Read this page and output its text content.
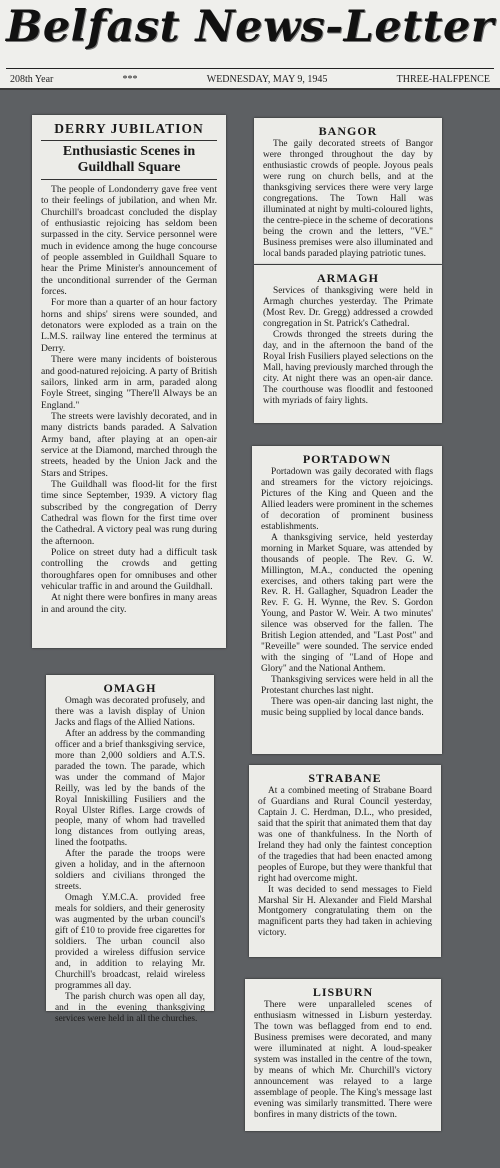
Belfast News-Letter
208th Year	***	WEDNESDAY, MAY 9, 1945	THREE-HALFPENCE
DERRY JUBILATION
Enthusiastic Scenes in Guildhall Square

The people of Londonderry gave free vent to their feelings of jubilation, and when Mr. Churchill's broadcast concluded the display of enthusiastic rejoicing has seldom been surpassed in the city. Service personnel were much in evidence among the huge concourse of people assembled in Guildhall Square to hear the Prime Minister's announcement of the unconditional surrender of the German forces.

For more than a quarter of an hour factory horns and ships' sirens were sounded, and detonators were exploded as a train on the L.M.S. railway line entered the terminus at Derry.

There were many incidents of boisterous and good-natured rejoicing. A party of British sailors, linked arm in arm, paraded along Foyle Street, singing "There'll Always be an England."

The streets were lavishly decorated, and in many districts bands paraded. A Salvation Army band, after playing at an open-air service at the Diamond, marched through the streets, headed by the Union Jack and the Stars and Stripes.

The Guildhall was flood-lit for the first time since September, 1939. A victory flag subscribed by the congregation of Derry Cathedral was flown for the first time over the Cathedral. A victory peal was rung during the afternoon.

Police on street duty had a difficult task controlling the crowds and getting thoroughfares open for omnibuses and other vehicular traffic in and around the Guildhall.

At night there were bonfires in many areas in and around the city.

OMAGH

Omagh was decorated profusely, and there was a lavish display of Union Jacks and flags of the Allied Nations.

After an address by the commanding officer and a brief thanksgiving service, more than 2,000 soldiers and A.T.S. paraded the town. The parade, which was under the command of Major Reilly, was led by the bands of the Royal Inniskilling Fusiliers and the Royal Ulster Rifles. Large crowds of people, many of whom had travelled long distances from outlying areas, lined the footpaths.

After the parade the troops were given a holiday, and in the afternoon soldiers and civilians thronged the streets.

Omagh Y.M.C.A. provided free meals for soldiers, and their generosity was augmented by the urban council's gift of £10 to provide free cigarettes for soldiers. The urban council also provided a wireless diffusion service and, in addition to relaying Mr. Churchill's broadcast, relaid wireless programmes all day.

The parish church was open all day, and in the evening thanksgiving services were held in all the churches.

BANGOR

The gaily decorated streets of Bangor were thronged throughout the day by enthusiastic crowds of people. Joyous peals were rung on church bells, and at the thanksgiving services there were very large congregations. The Town Hall was illuminated at night by multi-coloured lights, the centre-piece in the scheme of decorations being the crown and the letters, "VE." Business premises were also illuminated and local bands paraded playing patriotic tunes.

ARMAGH

Services of thanksgiving were held in Armagh churches yesterday. The Primate (Most Rev. Dr. Gregg) addressed a crowded congregation in St. Patrick's Cathedral.

Crowds thronged the streets during the day, and in the afternoon the band of the Royal Irish Fusiliers played selections on the Mall, having previously marched through the city. At night there was an open-air dance. The courthouse was floodlit and festooned with myriads of fairy lights.

PORTADOWN

Portadown was gaily decorated with flags and streamers for the victory rejoicings. Pictures of the King and Queen and the Allied leaders were prominent in the schemes of decoration of prominent business establishments.

A thanksgiving service, held yesterday morning in Market Square, was attended by thousands of people. The Rev. G. W. Millington, M.A., conducted the opening exercises, and others taking part were the Rev. R. H. Gallagher, Squadron Leader the Rev. F. G. H. Wynne, the Rev. S. Gordon Young, and Pastor W. Weir. A two minutes' silence was observed for the fallen. The British Legion attended, and "Last Post" and "Reveille" were sounded. The service ended with the singing of "Land of Hope and Glory" and the National Anthem.

Thanksgiving services were held in all the Protestant churches last night.

There was open-air dancing last night, the music being supplied by local dance bands.

STRABANE

At a combined meeting of Strabane Board of Guardians and Rural Council yesterday, Captain J. C. Herdman, D.L., who presided, said that the spirit that animated them that day was one of thankfulness. In the North of Ireland they had only the faintest conception of the tragedies that had been enacted among peoples of Europe, but they were thankful that right had overcome might.

It was decided to send messages to Field Marshal Sir H. Alexander and Field Marshal Montgomery congratulating them on the magnificent parts they had taken in achieving victory.

LISBURN

There were unparalleled scenes of enthusiasm witnessed in Lisburn yesterday. The town was beflagged from end to end. Business premises were decorated, and many were illuminated at night. A loud-speaker system was installed in the centre of the town, by means of which Mr. Churchill's victory announcement was relayed to a large assemblage of people. The King's message last evening was similarly transmitted. There were bonfires in many districts of the town.
